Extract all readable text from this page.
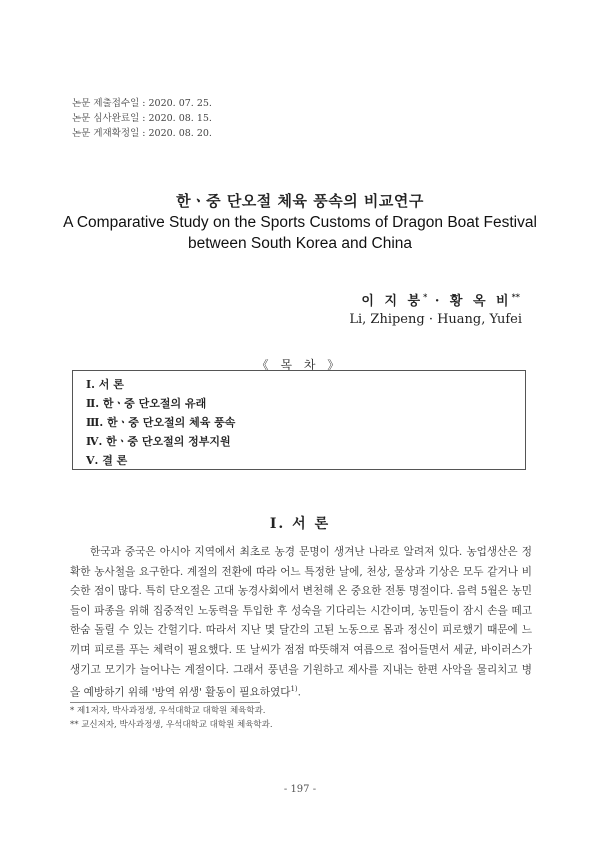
논문 제출접수일 : 2020. 07. 25.
논문 심사완료일 : 2020. 08. 15.
논문 게재확정일 : 2020. 08. 20.
한ㆍ중 단오절 체육 풍속의 비교연구
A Comparative Study on the Sports Customs of Dragon Boat Festival between South Korea and China
이 지 붕* · 황 옥 비**
Li, Zhipeng · Huang, Yufei
《 목 차 》
Ⅰ. 서 론
Ⅱ. 한ㆍ중 단오절의 유래
Ⅲ. 한ㆍ중 단오절의 체육 풍속
Ⅳ. 한ㆍ중 단오절의 정부지원
Ⅴ. 결 론
Ⅰ. 서 론
한국과 중국은 아시아 지역에서 최초로 농경 문명이 생겨난 나라로 알려져 있다. 농업생산은 정확한 농사철을 요구한다. 계절의 전환에 따라 어느 특정한 날에, 천상, 물상과 기상은 모두 같거나 비슷한 점이 많다. 특히 단오절은 고대 농경사회에서 변천해 온 중요한 전통 명절이다. 음력 5월은 농민들이 파종을 위해 집중적인 노동력을 투입한 후 성숙을 기다리는 시간이며, 농민들이 잠시 손을 떼고 한숨 돌릴 수 있는 간헐기다. 따라서 지난 몇 달간의 고된 노동으로 몸과 정신이 피로했기 때문에 느끼며 피로를 푸는 체력이 필요했다. 또 날씨가 점점 따뜻해져 여름으로 접어들면서 세균, 바이러스가 생기고 모기가 늘어나는 계절이다. 그래서 풍년을 기원하고 제사를 지내는 한편 사악을 물리치고 병을 예방하기 위해 '방역 위생' 활동이 필요하였다$^{1)}$.
* 제1저자, 박사과정생, 우석대학교 대학원 체육학과.
** 교신저자, 박사과정생, 우석대학교 대학원 체육학과.
- 197 -
